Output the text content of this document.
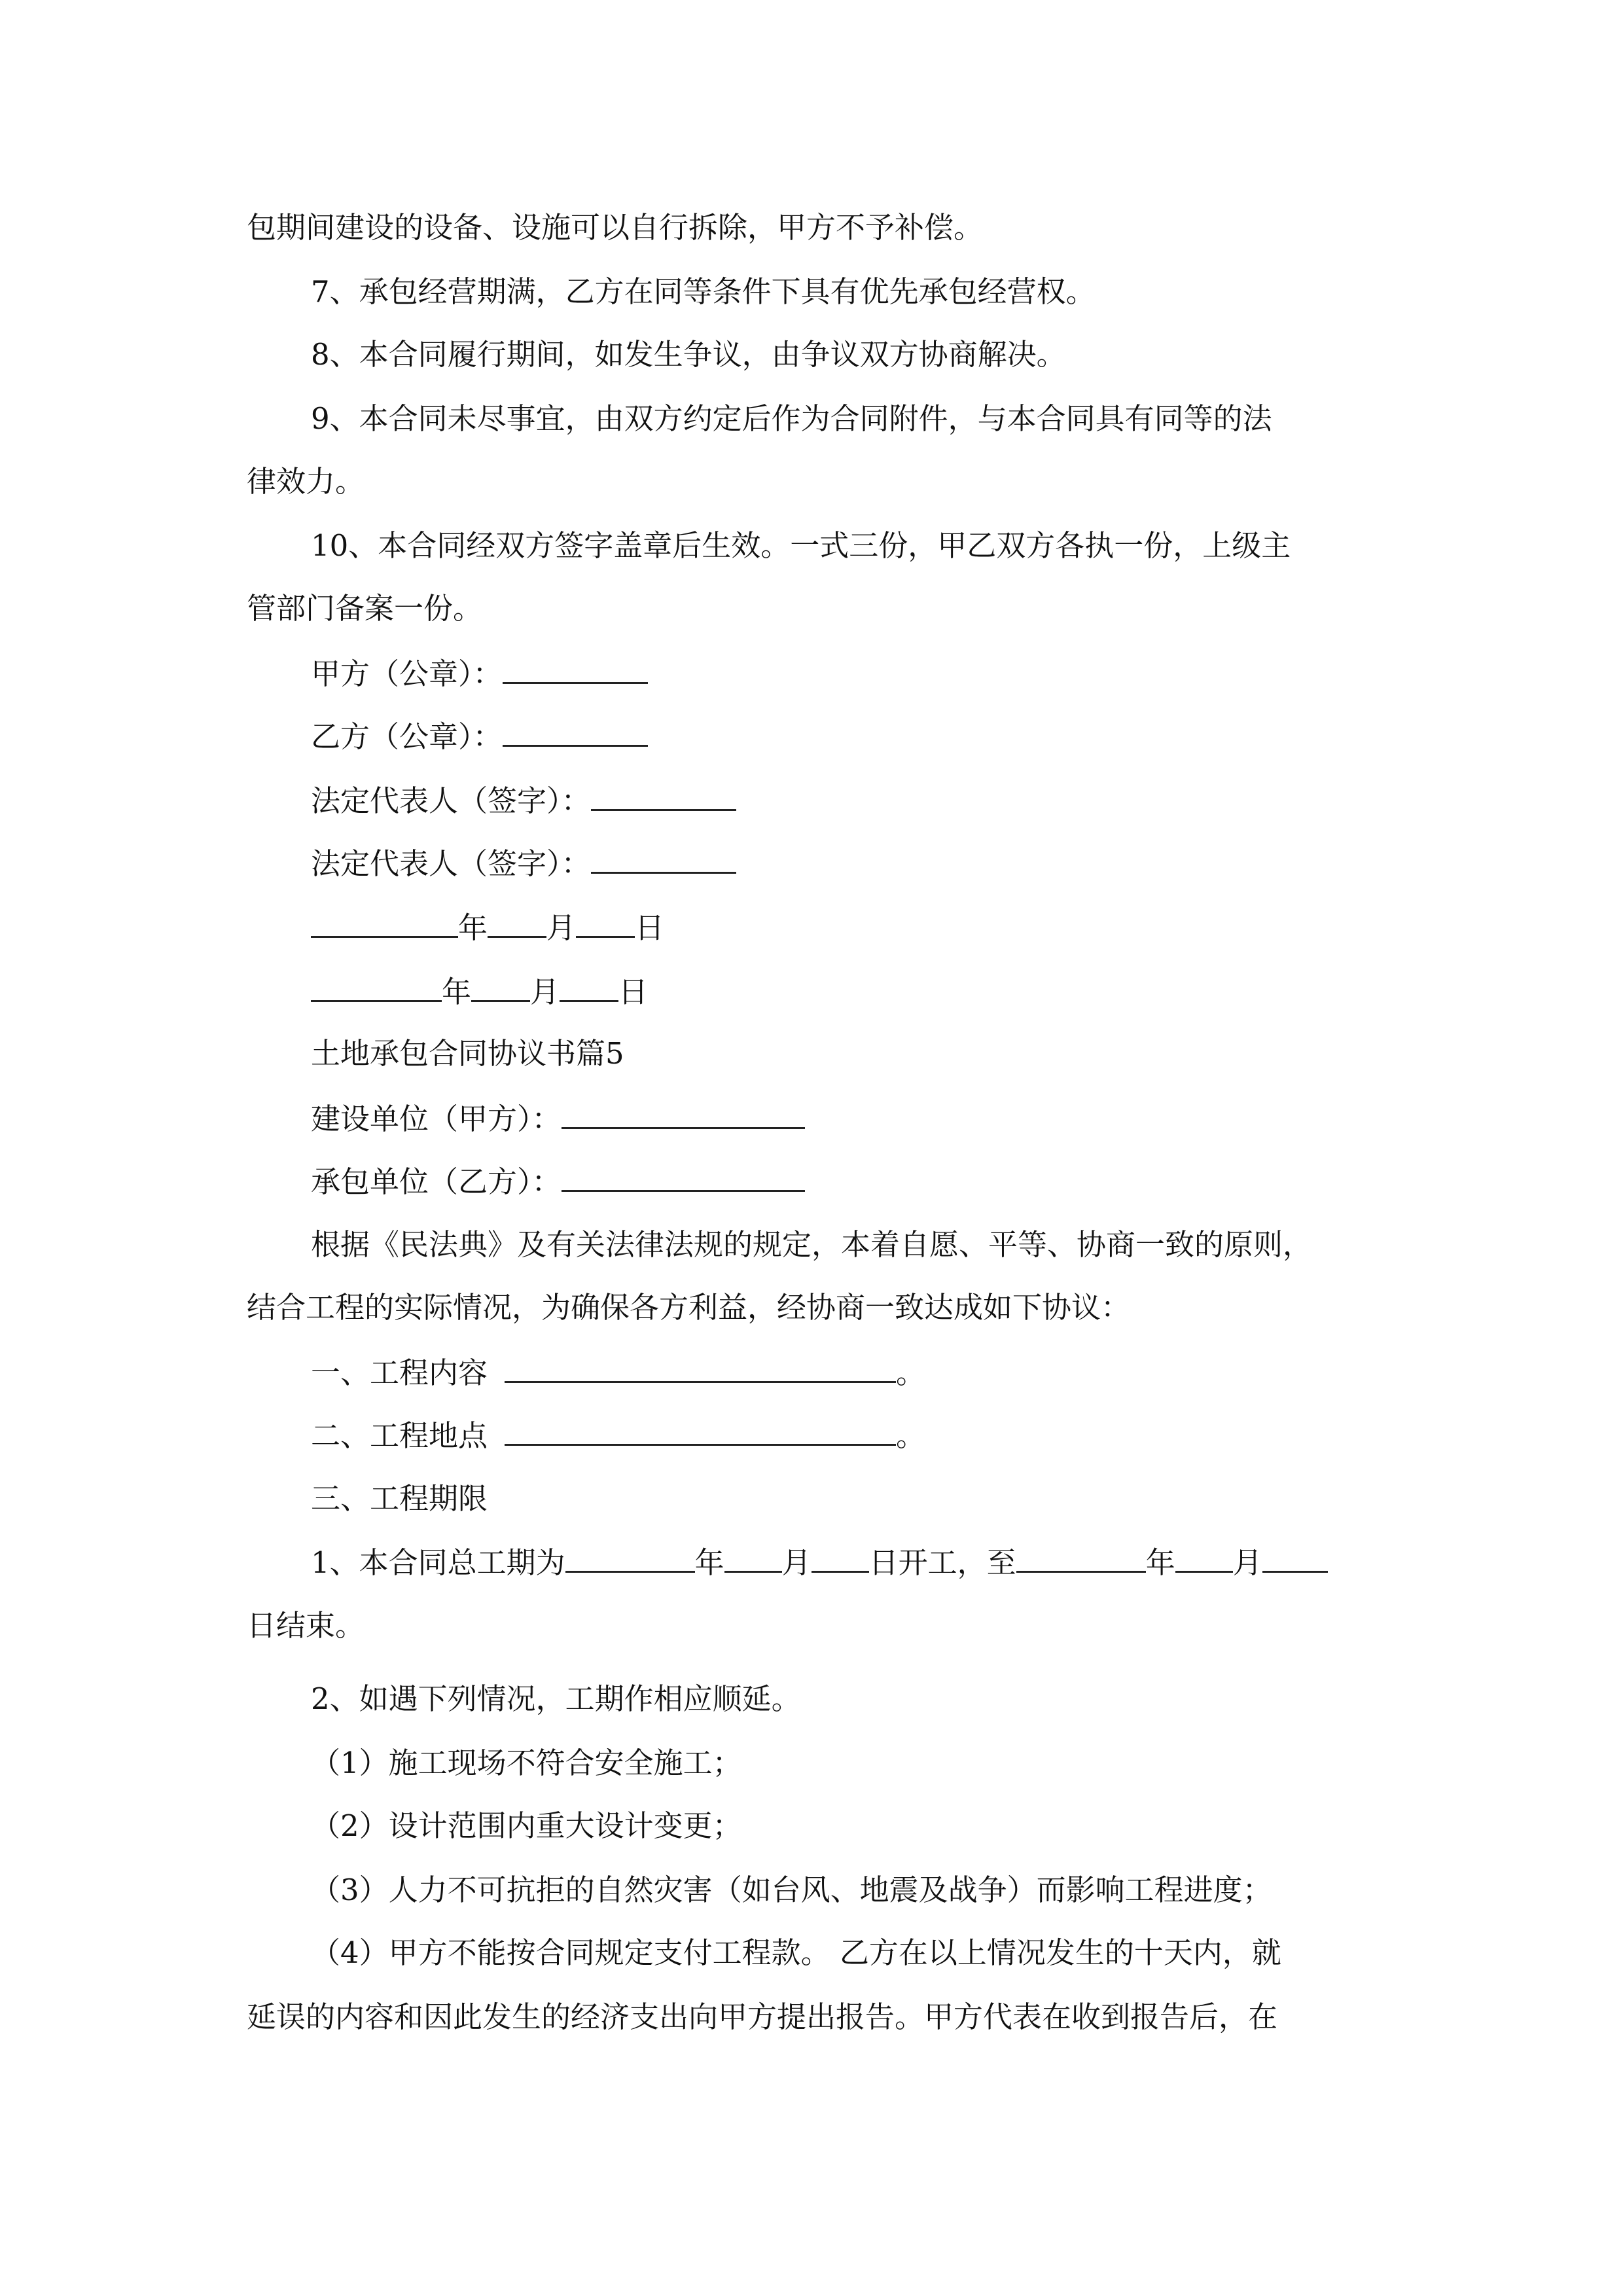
包期间建设的设备、设施可以自行拆除，甲方不予补偿。
7、承包经营期满，乙方在同等条件下具有优先承包经营权。
8、本合同履行期间，如发生争议，由争议双方协商解决。
9、本合同未尽事宜，由双方约定后作为合同附件，与本合同具有同等的法
律效力。
10、本合同经双方签字盖章后生效。一式三份，甲乙双方各执一份，上级主
管部门备案一份。
甲方（公章）：
乙方（公章）：
法定代表人（签字）：
法定代表人（签字）：
年 月 日
年 月 日
土地承包合同协议书篇5
建设单位（甲方）：
承包单位（乙方）：
根据《民法典》及有关法律法规的规定，本着自愿、平等、协商一致的原则，
结合工程的实际情况，为确保各方利益，经协商一致达成如下协议：
一、工程内容	。
二、工程地点	。
三、工程期限
1、本合同总工期为	年 月 日开工，至	年 月
日结束。
2、如遇下列情况，工期作相应顺延。
（1）施工现场不符合安全施工；
（2）设计范围内重大设计变更；
（3）人力不可抗拒的自然灾害（如台风、地震及战争）而影响工程进度；
（4）甲方不能按合同规定支付工程款。 乙方在以上情况发生的十天内，就
延误的内容和因此发生的经济支出向甲方提出报告。甲方代表在收到报告后，在
